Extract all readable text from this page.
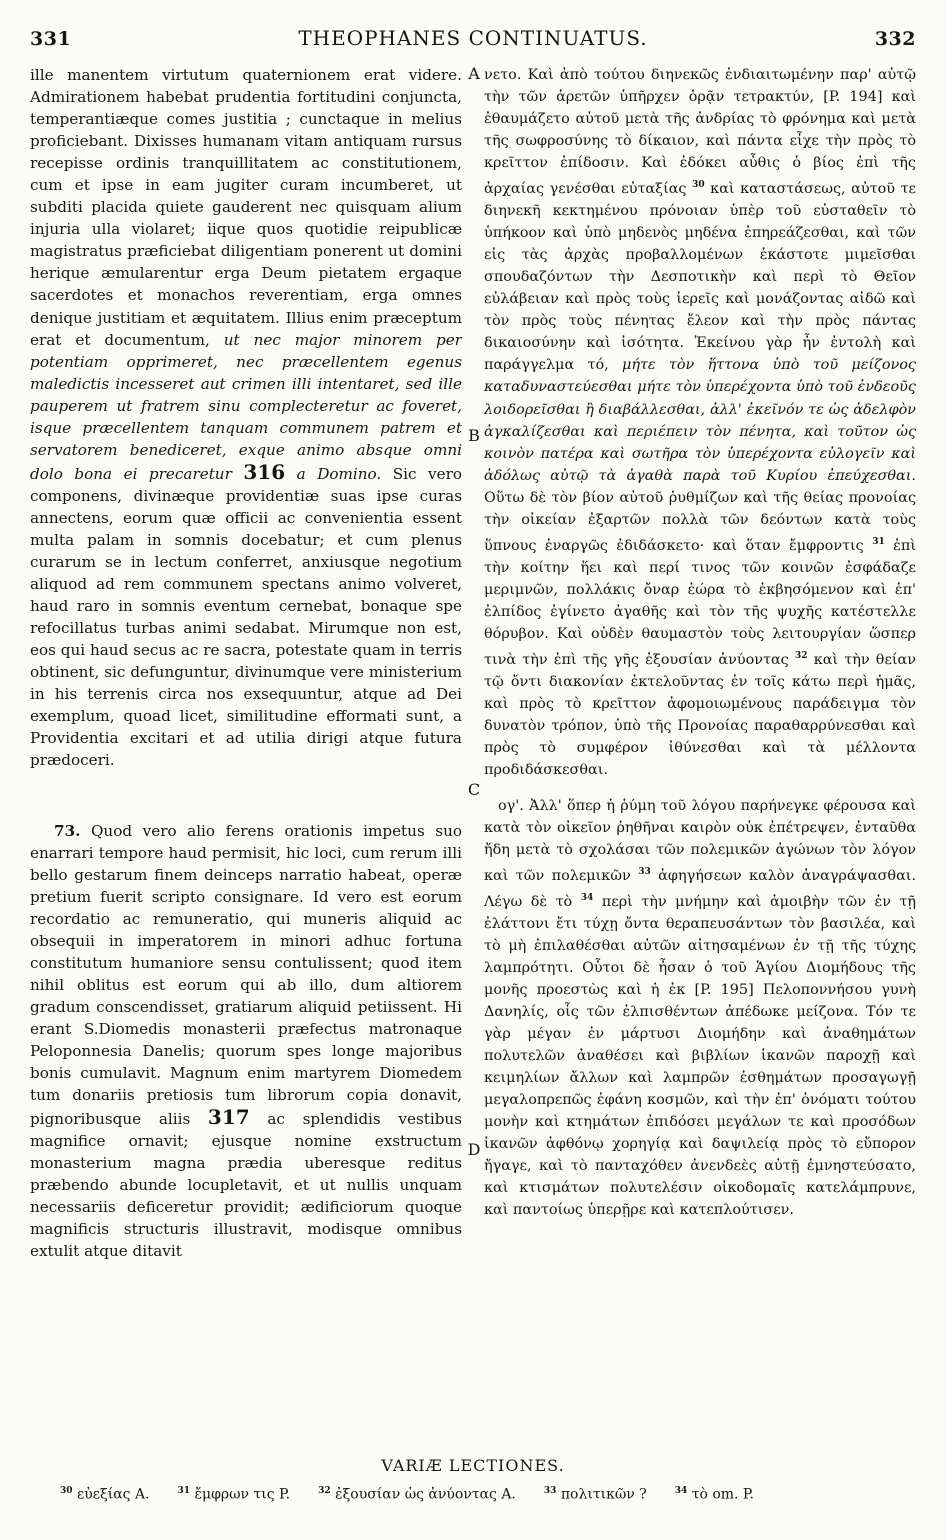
331	THEOPHANES CONTINUATUS.	332

ille manentem virtutum quaternionem erat videre. Admirationem habebat prudentia fortitudini conjuncta, temperantiæque comes justitia ; cunctaque in melius proficiebant. Dixisses humanam vitam antiquam rursus recepisse ordinis tranquillitatem ac constitutionem, cum et ipse in eam jugiter curam incumberet, ut subditi placida quiete gauderent nec quisquam alium injuria ulla violaret; iique quos quotidie reipublicæ magistratus præficiebat diligentiam ponerent ut domini herique æmularentur erga Deum pietatem ergaque sacerdotes et monachos reverentiam, erga omnes denique justitiam et æquitatem. Illius enim præceptum erat et documentum, ut nec major minorem per potentiam opprimeret, nec præcellentem egenus maledictis incesseret aut crimen illi intentaret, sed ille pauperem ut fratrem sinu complecteretur ac foveret, isque præcellentem tanquam communem patrem et servatorem benediceret, exque animo absque omni dolo bona ei precaretur 316 a Domino. Sic vero componens, divinæque providentiæ suas ipse curas annectens, eorum quæ officii ac convenientia essent multa palam in somnis docebatur; et cum plenus curarum se in lectum conferret, anxiusque negotium aliquod ad rem communem spectans animo volveret, haud raro in somnis eventum cernebat, bonaque spe refocillatus turbas animi sedabat. Mirumque non est, eos qui haud secus ac re sacra, potestate quam in terris obtinent, sic defunguntur, divinumque vere ministerium in his terrenis circa nos exsequuntur, atque ad Dei exemplum, quoad licet, similitudine efformati sunt, a Providentia excitari et ad utilia dirigi atque futura prædoceri.

73. Quod vero alio ferens orationis impetus suo enarrari tempore haud permisit, hic loci, cum rerum illi bello gestarum finem deinceps narratio habeat, operæ pretium fuerit scripto consignare. Id vero est eorum recordatio ac remuneratio, qui muneris aliquid ac obsequii in imperatorem in minori adhuc fortuna constitutum humaniore sensu contulissent; quod item nihil oblitus est eorum qui ab illo, dum altiorem gradum conscendisset, gratiarum aliquid petiissent. Hi erant S.Diomedis monasterii præfectus matronaque Peloponnesia Danelis; quorum spes longe majoribus bonis cumulavit. Magnum enim martyrem Diomedem tum donariis pretiosis tum librorum copia donavit, pignoribusque aliis 317 ac splendidis vestibus magnifice ornavit; ejusque nomine exstructum monasterium magna prædia uberesque reditus præbendo abunde locupletavit, et ut nullis unquam necessariis deficeretur providit; ædificiorum quoque magnificis structuris illustravit, modisque omnibus extulit atque ditavit

A
B
C
D

νετο. Καὶ ἀπὸ τούτου διηνεκῶς ἐνδιαιτωμένην παρ' αὐτῷ τὴν τῶν ἀρετῶν ὑπῆρχεν ὁρᾷν τετρακτύν, [P. 194] καὶ ἐθαυμάζετο αὐτοῦ μετὰ τῆς ἀνδρίας τὸ φρόνημα καὶ μετὰ τῆς σωφροσύνης τὸ δίκαιον, καὶ πάντα εἶχε τὴν πρὸς τὸ κρεῖττον ἐπίδοσιν. Καὶ ἐδόκει αὖθις ὁ βίος ἐπὶ τῆς ἀρχαίας γενέσθαι εὐταξίας $^{30}$ καὶ καταστάσεως, αὐτοῦ τε διηνεκῆ κεκτημένου πρόνοιαν ὑπὲρ τοῦ εὐσταθεῖν τὸ ὑπήκοον καὶ ὑπὸ μηδενὸς μηδένα ἐπηρεάζεσθαι, καὶ τῶν εἰς τὰς ἀρχὰς προβαλλομένων ἑκάστοτε μιμεῖσθαι σπουδαζόντων τὴν Δεσποτικὴν καὶ περὶ τὸ Θεῖον εὐλάβειαν καὶ πρὸς τοὺς ἱερεῖς καὶ μονάζοντας αἰδῶ καὶ τὸν πρὸς τοὺς πένητας ἔλεον καὶ τὴν πρὸς πάντας δικαιοσύνην καὶ ἰσότητα. Ἐκείνου γὰρ ἦν ἐντολὴ καὶ παράγγελμα τό, μήτε τὸν ἥττονα ὑπὸ τοῦ μείζονος καταδυναστεύεσθαι μήτε τὸν ὑπερέχοντα ὑπὸ τοῦ ἐνδεοῦς λοιδορεῖσθαι ἢ διαβάλλεσθαι, ἀλλ' ἐκεῖνόν τε ὡς ἀδελφὸν ἀγκαλίζεσθαι καὶ περιέπειν τὸν πένητα, καὶ τοῦτον ὡς κοινὸν πατέρα καὶ σωτῆρα τὸν ὑπερέχοντα εὐλογεῖν καὶ ἀδόλως αὐτῷ τὰ ἀγαθὰ παρὰ τοῦ Κυρίου ἐπεύχεσθαι. Οὕτω δὲ τὸν βίον αὐτοῦ ῥυθμίζων καὶ τῆς θείας προνοίας τὴν οἰκείαν ἐξαρτῶν πολλὰ τῶν δεόντων κατὰ τοὺς ὕπνους ἐναργῶς ἐδιδάσκετο· καὶ ὅταν ἔμφροντις $^{31}$ ἐπὶ τὴν κοίτην ἥει καὶ περί τινος τῶν κοινῶν ἐσφάδαζε μεριμνῶν, πολλάκις ὄναρ ἑώρα τὸ ἐκβησόμενον καὶ ἐπ' ἐλπίδος ἐγίνετο ἀγαθῆς καὶ τὸν τῆς ψυχῆς κατέστελλε θόρυβον. Καὶ οὐδὲν θαυμαστὸν τοὺς λειτουργίαν ὥσπερ τινὰ τὴν ἐπὶ τῆς γῆς ἐξουσίαν ἀνύοντας $^{32}$ καὶ τὴν θείαν τῷ ὄντι διακονίαν ἐκτελοῦντας ἐν τοῖς κάτω περὶ ἡμᾶς, καὶ πρὸς τὸ κρεῖττον ἀφομοιωμένους παράδειγμα τὸν δυνατὸν τρόπον, ὑπὸ τῆς Προνοίας παραθαρρύνεσθαι καὶ πρὸς τὸ συμφέρον ἰθύνεσθαι καὶ τὰ μέλλοντα προδιδάσκεσθαι.

ογ'. Ἀλλ' ὅπερ ἡ ῥύμη τοῦ λόγου παρήνεγκε φέρουσα καὶ κατὰ τὸν οἰκεῖον ῥηθῆναι καιρὸν οὐκ ἐπέτρεψεν, ἐνταῦθα ἤδη μετὰ τὸ σχολάσαι τῶν πολεμικῶν ἀγώνων τὸν λόγον καὶ τῶν πολεμικῶν $^{33}$ ἀφηγήσεων καλὸν ἀναγράψασθαι. Λέγω δὲ τὸ $^{34}$ περὶ τὴν μνήμην καὶ ἀμοιβὴν τῶν ἐν τῇ ἐλάττονι ἔτι τύχῃ ὄντα θεραπευσάντων τὸν βασιλέα, καὶ τὸ μὴ ἐπιλαθέσθαι αὐτῶν αἰτησαμένων ἐν τῇ τῆς τύχης λαμπρότητι. Οὗτοι δὲ ἦσαν ὁ τοῦ Ἁγίου Διομήδους τῆς μονῆς προεστὼς καὶ ἡ ἐκ [P. 195] Πελοποννήσου γυνὴ Δανηλίς, οἷς τῶν ἐλπισθέντων ἀπέδωκε μείζονα. Τόν τε γὰρ μέγαν ἐν μάρτυσι Διομήδην καὶ ἀναθημάτων πολυτελῶν ἀναθέσει καὶ βιβλίων ἱκανῶν παροχῇ καὶ κειμηλίων ἄλλων καὶ λαμπρῶν ἐσθημάτων προσαγωγῇ μεγαλοπρεπῶς ἐφάνη κοσμῶν, καὶ τὴν ἐπ' ὀνόματι τούτου μονὴν καὶ κτημάτων ἐπιδόσει μεγάλων τε καὶ προσόδων ἱκανῶν ἀφθόνῳ χορηγίᾳ καὶ δαψιλείᾳ πρὸς τὸ εὔπορον ἤγαγε, καὶ τὸ πανταχόθεν ἀνενδεὲς αὐτῇ ἐμνηστεύσατο, καὶ κτισμάτων πολυτελέσιν οἰκοδομαῖς κατελάμπρυνε, καὶ παντοίως ὑπερῇρε καὶ κατεπλούτισεν.

VARIÆ LECTIONES.
$^{30}$ εὐεξίας A.	$^{31}$ ἔμφρων τις P.	$^{32}$ ἐξουσίαν ὡς ἀνύοντας A.	$^{33}$ πολιτικῶν ?	$^{34}$ τὸ om. P.
